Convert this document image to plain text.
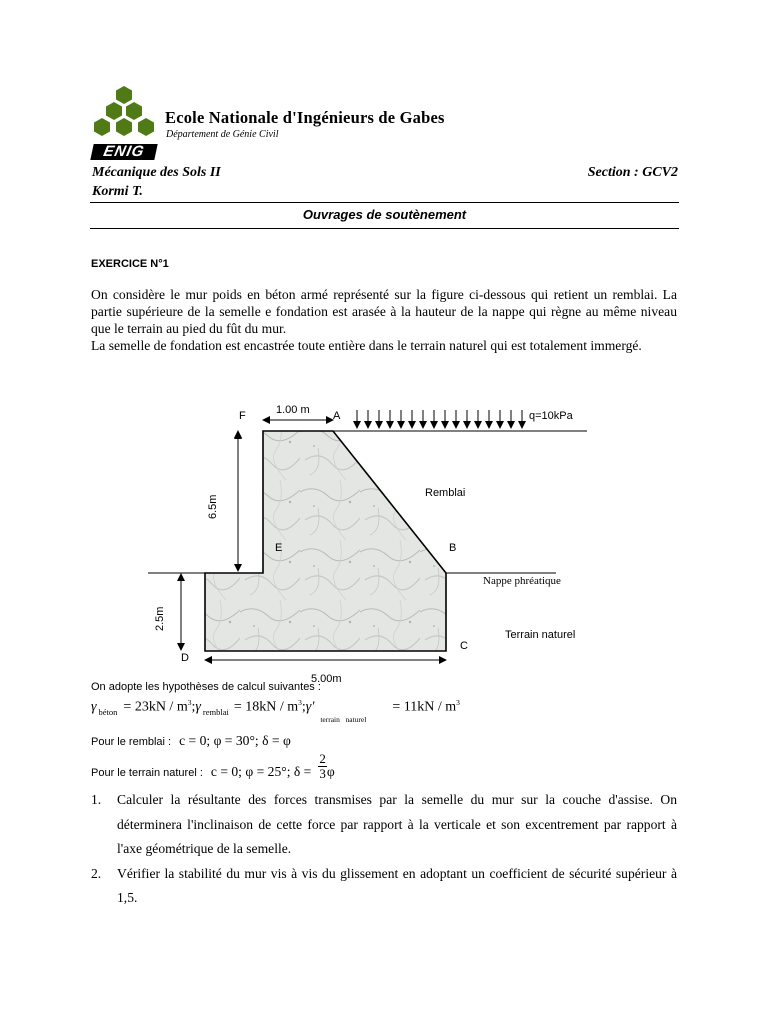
ENIG
Ecole Nationale d'Ingénieurs de Gabes
Département de Génie Civil
Mécanique des Sols II	Section : GCV2
Kormi T.
Ouvrages de soutènement
EXERCICE N°1

On considère le mur poids en béton armé représenté sur la figure ci-dessous qui retient un remblai. La partie supérieure de la semelle e fondation est arasée à la hauteur de la nappe qui règne au même niveau que le terrain au pied du fût du mur.

La semelle de fondation est encastrée toute entière dans le terrain naturel qui est totalement immergé.

F	A
B
E
C
D
1.00 m	q=10kPa
Remblai
Terrain naturel
5.00m
6.5m
2.5m
Nappe phréatique
On adopte les hypothèses de calcul suivantes :
γ $_{béton} = 23kN / m^3;\gamma$ $_{remblai} = 18kN / m^3;\gamma'_{terrain naturel}= 11kN / m^3$
Pour le remblai : c = 0; φ = 30°; δ = φ
$_{Pour le terrain naturel :}$ $_{c = 0; \varphi = 25^\circ; \delta =} \frac{2}{3} _\varphi$
1. Calculer la résultante des forces transmises par la semelle du mur sur la couche d'assise. On déterminera l'inclinaison de cette force par rapport à la verticale et son excentrement par rapport à l'axe géométrique de la semelle.
2. Vérifier la stabilité du mur vis à vis du glissement en adoptant un coefficient de sécurité supérieur à 1,5.
